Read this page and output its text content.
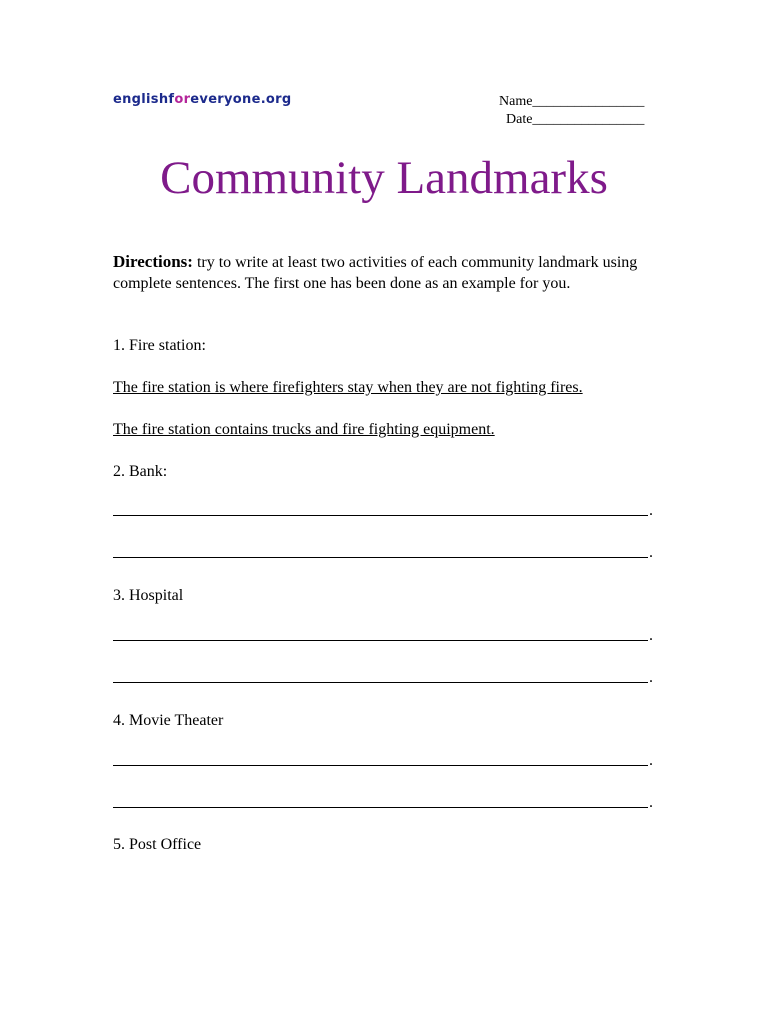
englishforeveryone.org	Name________________
Date________________
Community Landmarks
Directions: try to write at least two activities of each community landmark using complete sentences. The first one has been done as an example for you.
1. Fire station:
The fire station is where firefighters stay when they are not fighting fires.
The fire station contains trucks and fire fighting equipment.
2. Bank:
.
.
3. Hospital
.
.
4. Movie Theater
.
.
5. Post Office
